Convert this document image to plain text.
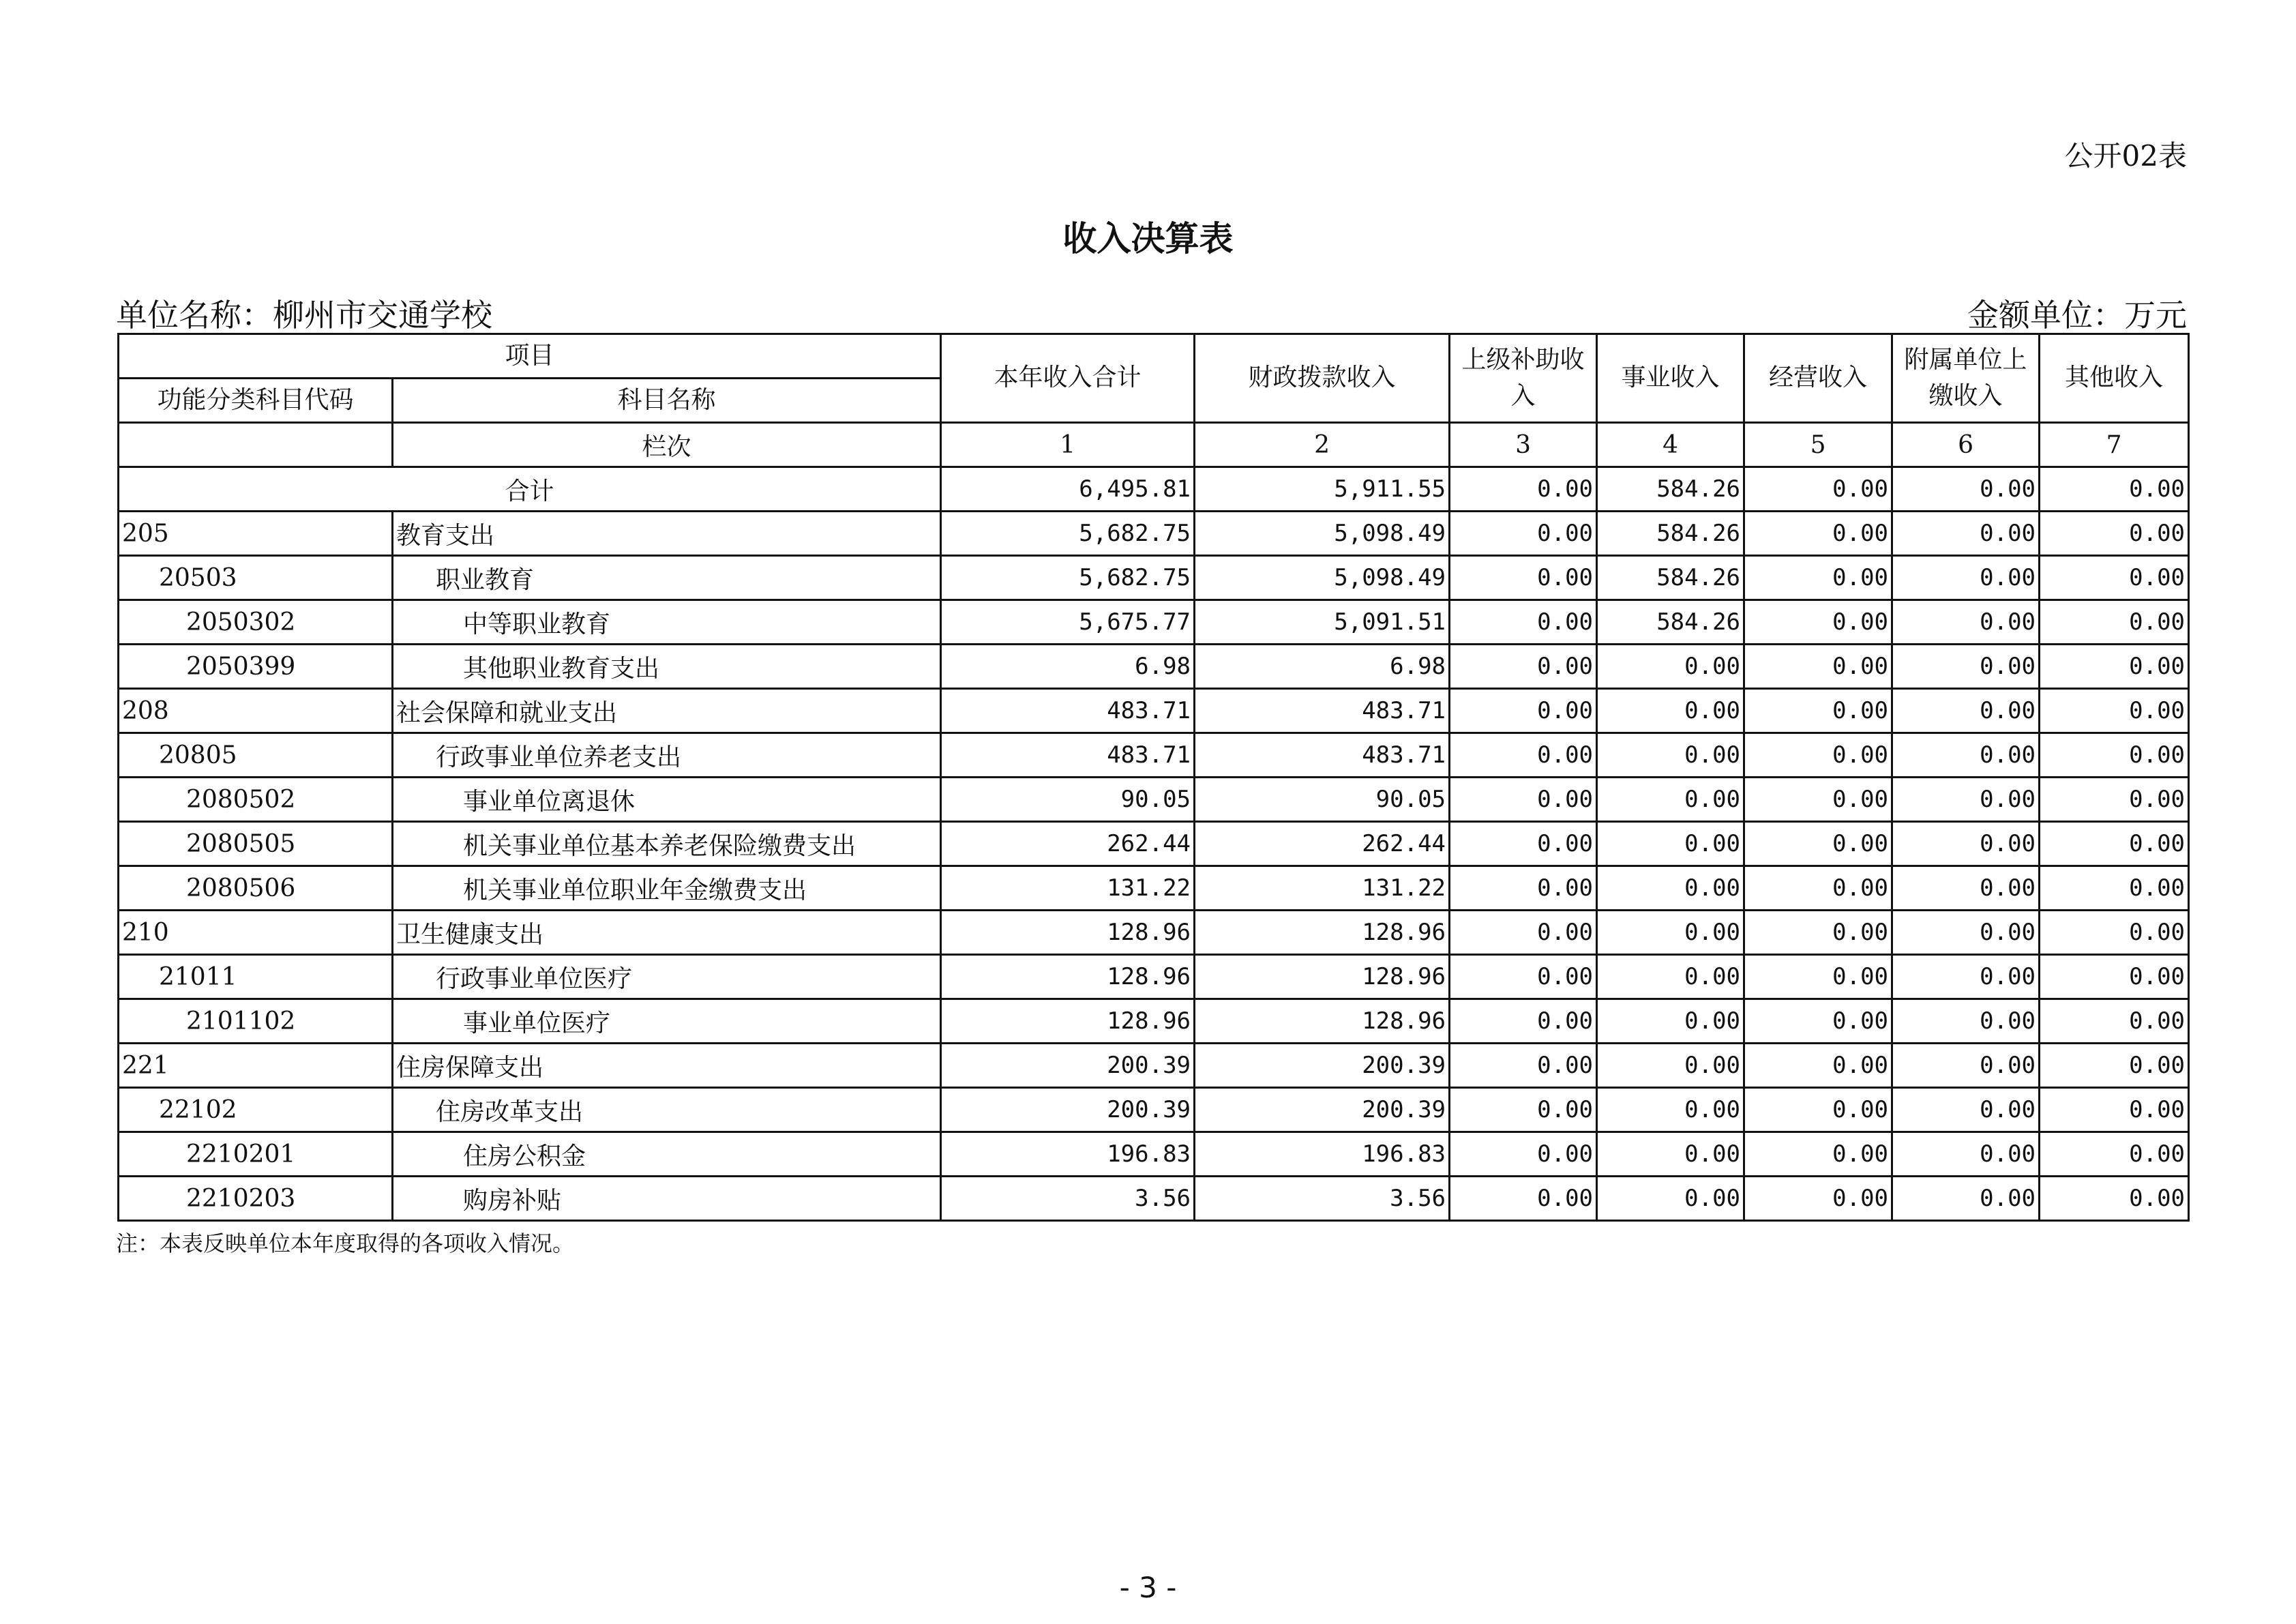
公开02表
收入决算表
单位名称：柳州市交通学校	金额单位：万元
项目		本年收入合计	财政拨款收入	上级补助收入	事业收入	经营收入	附属单位上缴收入	其他收入
功能分类科目代码	科目名称							
	栏次	1	2	3	4	5	6	7
合计		6,495.81	5,911.55	0.00	584.26	0.00	0.00	0.00
205	教育支出	5,682.75	5,098.49	0.00	584.26	0.00	0.00	0.00
20503	职业教育	5,682.75	5,098.49	0.00	584.26	0.00	0.00	0.00
2050302	中等职业教育	5,675.77	5,091.51	0.00	584.26	0.00	0.00	0.00
2050399	其他职业教育支出	6.98	6.98	0.00	0.00	0.00	0.00	0.00
208	社会保障和就业支出	483.71	483.71	0.00	0.00	0.00	0.00	0.00
20805	行政事业单位养老支出	483.71	483.71	0.00	0.00	0.00	0.00	0.00
2080502	事业单位离退休	90.05	90.05	0.00	0.00	0.00	0.00	0.00
2080505	机关事业单位基本养老保险缴费支出	262.44	262.44	0.00	0.00	0.00	0.00	0.00
2080506	机关事业单位职业年金缴费支出	131.22	131.22	0.00	0.00	0.00	0.00	0.00
210	卫生健康支出	128.96	128.96	0.00	0.00	0.00	0.00	0.00
21011	行政事业单位医疗	128.96	128.96	0.00	0.00	0.00	0.00	0.00
2101102	事业单位医疗	128.96	128.96	0.00	0.00	0.00	0.00	0.00
221	住房保障支出	200.39	200.39	0.00	0.00	0.00	0.00	0.00
22102	住房改革支出	200.39	200.39	0.00	0.00	0.00	0.00	0.00
2210201	住房公积金	196.83	196.83	0.00	0.00	0.00	0.00	0.00
2210203	购房补贴	3.56	3.56	0.00	0.00	0.00	0.00	0.00
注：本表反映单位本年度取得的各项收入情况。
- 3 -
